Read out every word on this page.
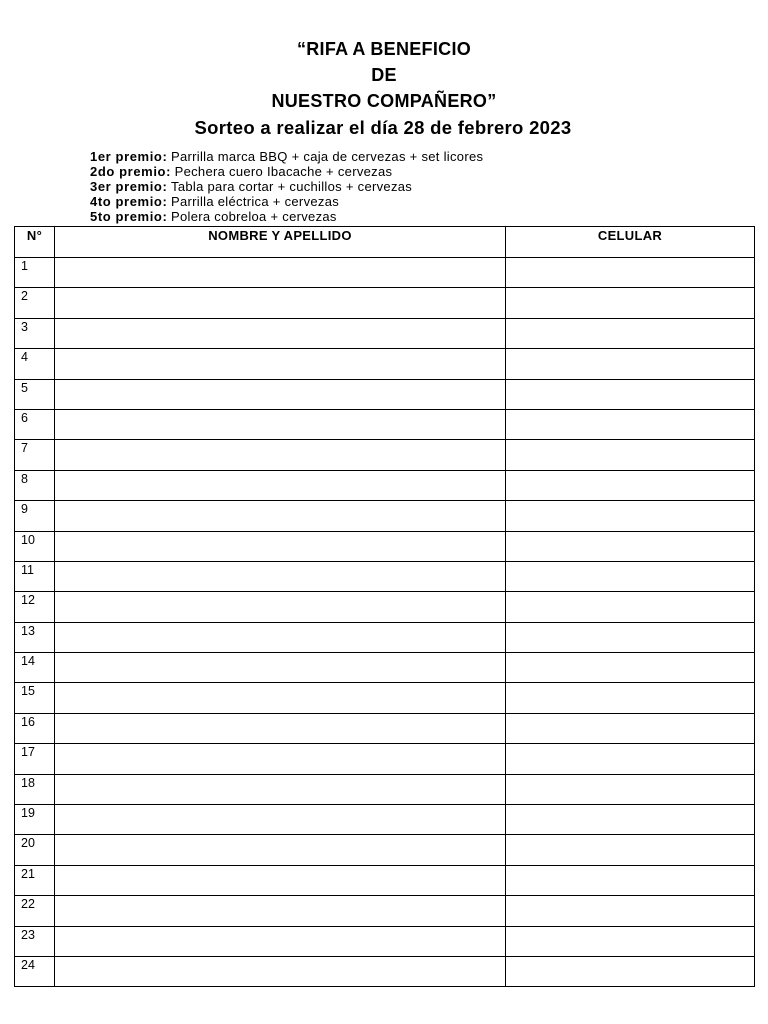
“RIFA A BENEFICIO
DE
NUESTRO COMPAÑERO”
Sorteo a realizar el día 28 de febrero 2023
1er premio: Parrilla marca BBQ + caja de cervezas + set licores
2do premio: Pechera cuero Ibacache + cervezas
3er premio: Tabla para cortar + cuchillos + cervezas
4to premio: Parrilla eléctrica + cervezas
5to premio: Polera cobreloa + cervezas
N°	NOMBRE Y APELLIDO	CELULAR
1		
2		
3		
4		
5		
6		
7		
8		
9		
10		
11		
12		
13		
14		
15		
16		
17		
18		
19		
20		
21		
22		
23		
24		
